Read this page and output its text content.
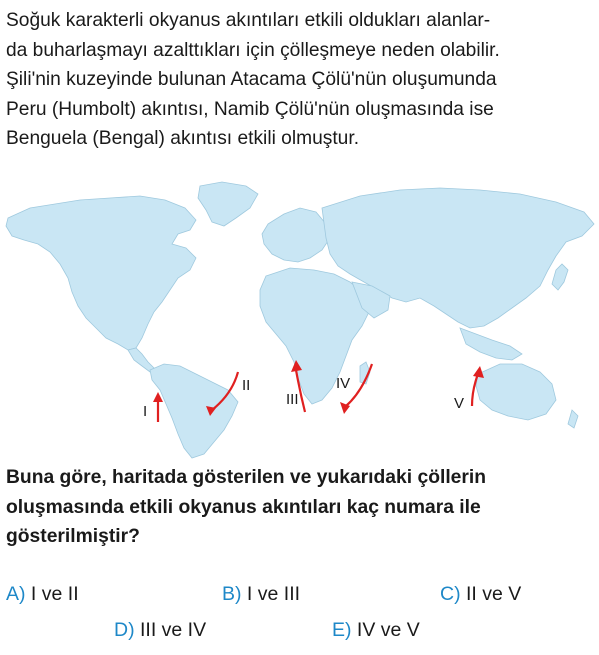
Soğuk karakterli okyanus akıntıları etkili oldukları alanlar-
da buharlaşmayı azalttıkları için çölleşmeye neden olabilir.
Şili'nin kuzeyinde bulunan Atacama Çölü'nün oluşumunda
Peru (Humbolt) akıntısı, Namib Çölü'nün oluşmasında ise
Benguela (Bengal) akıntısı etkili olmuştur.
I
II
III
IV
V
Buna göre, haritada gösterilen ve yukarıdaki çöllerin
oluşmasında etkili okyanus akıntıları kaç numara ile
gösterilmiştir?
A) I ve II	B) I ve III	C) II ve V
D) III ve IV	E) IV ve V
